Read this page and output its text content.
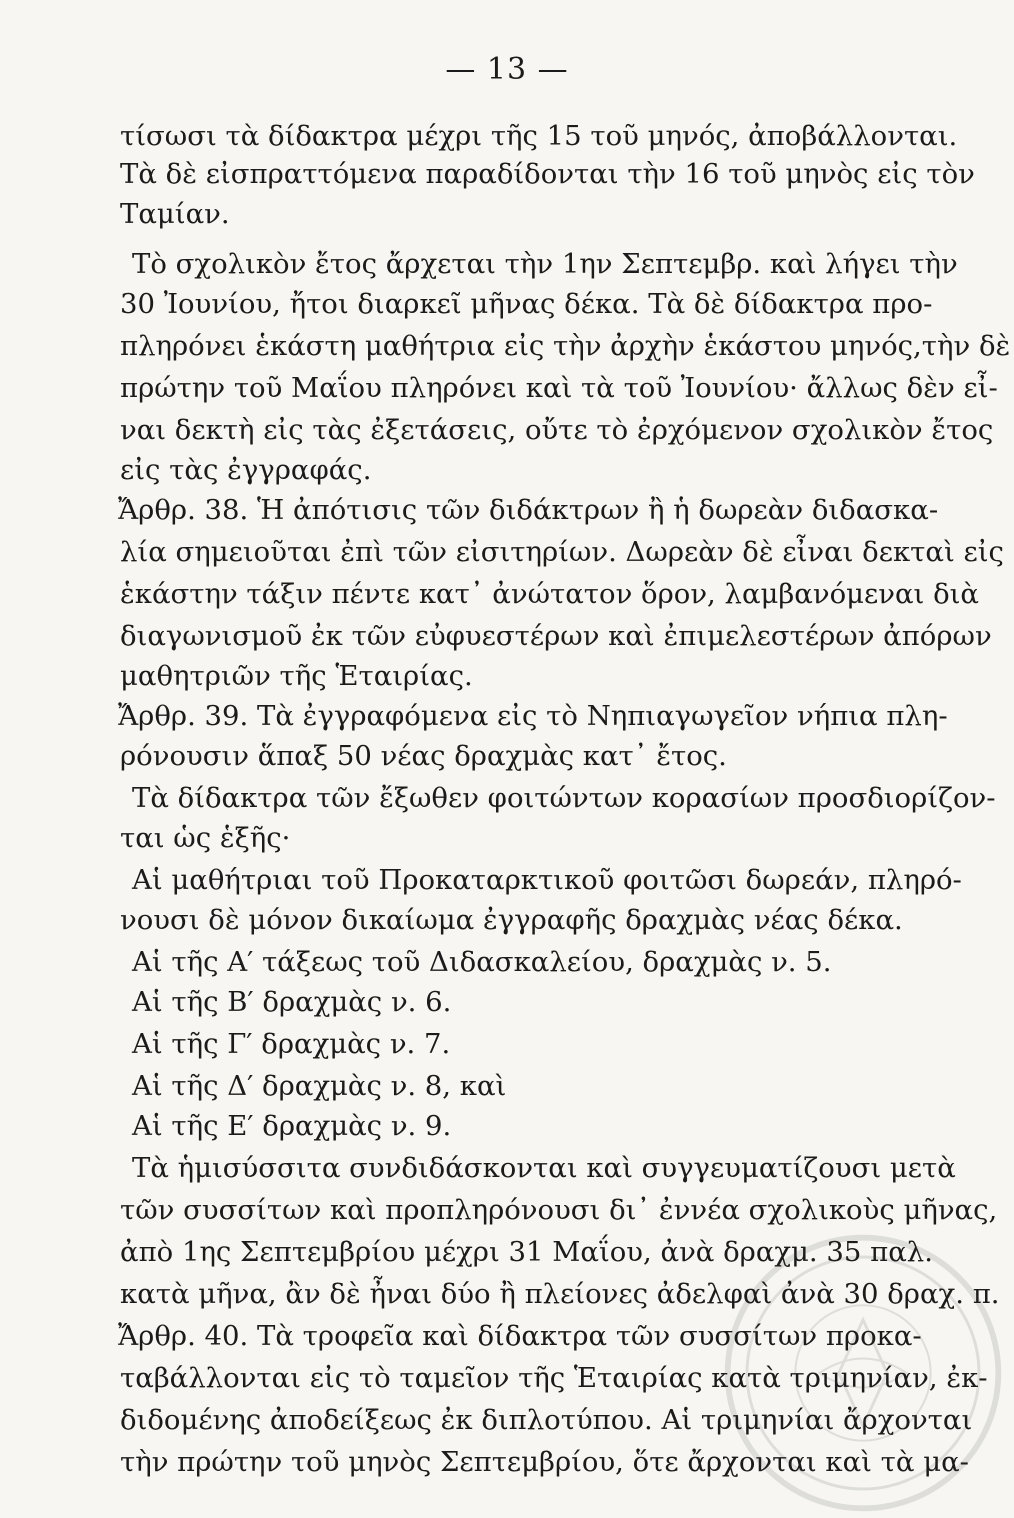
— 13 —
τίσωσι τὰ δίδακτρα μέχρι τῆς 15 τοῦ μηνός, ἀποβάλλονται.
Τὰ δὲ εἰσπραττόμενα παραδίδονται τὴν 16 τοῦ μηνὸς εἰς τὸν
Ταμίαν.
Τὸ σχολικὸν ἔτος ἄρχεται τὴν 1ην Σεπτεμβρ. καὶ λήγει τὴν
30 Ἰουνίου, ἤτοι διαρκεῖ μῆνας δέκα. Τὰ δὲ δίδακτρα προ-
πληρόνει ἑκάστη μαθήτρια εἰς τὴν ἀρχὴν ἑκάστου μηνός,τὴν δὲ
πρώτην τοῦ Μαΐου πληρόνει καὶ τὰ τοῦ Ἰουνίου· ἄλλως δὲν εἶ-
ναι δεκτὴ εἰς τὰς ἐξετάσεις, οὔτε τὸ ἐρχόμενον σχολικὸν ἔτος
εἰς τὰς ἐγγραφάς.
Ἄρθρ. 38. Ἡ ἀπότισις τῶν διδάκτρων ἢ ἡ δωρεὰν διδασκα-
λία σημειοῦται ἐπὶ τῶν εἰσιτηρίων. Δωρεὰν δὲ εἶναι δεκταὶ εἰς
ἑκάστην τάξιν πέντε κατ᾽ ἀνώτατον ὅρον, λαμβανόμεναι διὰ
διαγωνισμοῦ ἐκ τῶν εὐφυεστέρων καὶ ἐπιμελεστέρων ἀπόρων
μαθητριῶν τῆς Ἑταιρίας.
Ἄρθρ. 39. Τὰ ἐγγραφόμενα εἰς τὸ Νηπιαγωγεῖον νήπια πλη-
ρόνουσιν ἅπαξ 50 νέας δραχμὰς κατ᾽ ἔτος.
Τὰ δίδακτρα τῶν ἔξωθεν φοιτώντων κορασίων προσδιορίζον-
ται ὡς ἑξῆς·
Αἱ μαθήτριαι τοῦ Προκαταρκτικοῦ φοιτῶσι δωρεάν, πληρό-
νουσι δὲ μόνον δικαίωμα ἐγγραφῆς δραχμὰς νέας δέκα.
Αἱ τῆς Α′ τάξεως τοῦ Διδασκαλείου, δραχμὰς ν. 5.
Αἱ τῆς Β′ δραχμὰς ν. 6.
Αἱ τῆς Γ′ δραχμὰς ν. 7.
Αἱ τῆς Δ′ δραχμὰς ν. 8, καὶ
Αἱ τῆς Ε′ δραχμὰς ν. 9.
Τὰ ἡμισύσσιτα συνδιδάσκονται καὶ συγγευματίζουσι μετὰ
τῶν συσσίτων καὶ προπληρόνουσι δι᾽ ἐννέα σχολικοὺς μῆνας,
ἀπὸ 1ης Σεπτεμβρίου μέχρι 31 Μαΐου, ἀνὰ δραχμ. 35 παλ.
κατὰ μῆνα, ἂν δὲ ἦναι δύο ἢ πλείονες ἀδελφαὶ ἀνὰ 30 δραχ. π.
Ἄρθρ. 40. Τὰ τροφεῖα καὶ δίδακτρα τῶν συσσίτων προκα-
ταβάλλονται εἰς τὸ ταμεῖον τῆς Ἑταιρίας κατὰ τριμηνίαν, ἐκ-
διδομένης ἀποδείξεως ἐκ διπλοτύπου. Αἱ τριμηνίαι ἄρχονται
τὴν πρώτην τοῦ μηνὸς Σεπτεμβρίου, ὅτε ἄρχονται καὶ τὰ μα-
